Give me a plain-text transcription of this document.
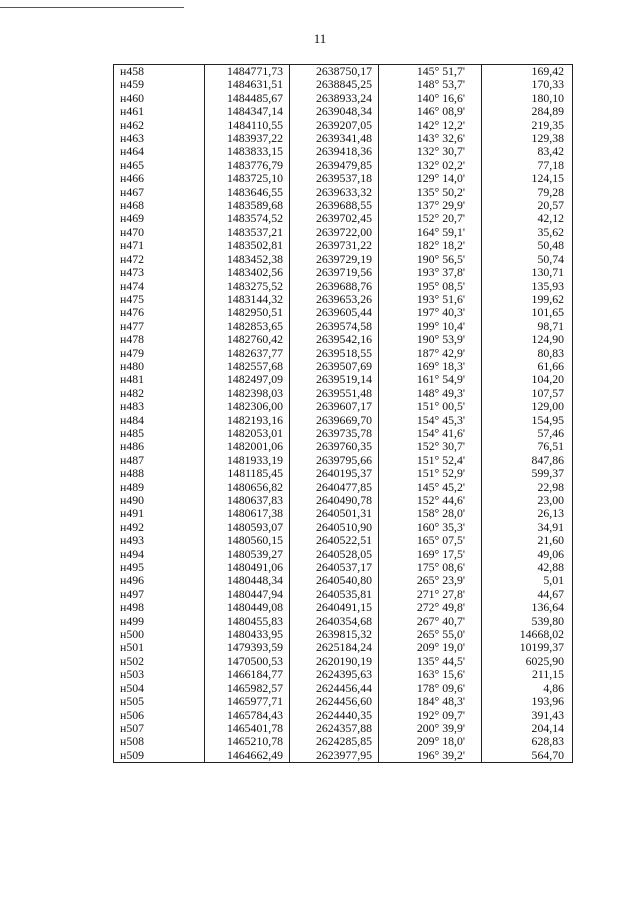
11
н458	1484771,73	2638750,17	145° 51,7'	169,42
н459	1484631,51	2638845,25	148° 53,7'	170,33
н460	1484485,67	2638933,24	140° 16,6'	180,10
н461	1484347,14	2639048,34	146° 08,9'	284,89
н462	1484110,55	2639207,05	142° 12,2'	219,35
н463	1483937,22	2639341,48	143° 32,6'	129,38
н464	1483833,15	2639418,36	132° 30,7'	83,42
н465	1483776,79	2639479,85	132° 02,2'	77,18
н466	1483725,10	2639537,18	129° 14,0'	124,15
н467	1483646,55	2639633,32	135° 50,2'	79,28
н468	1483589,68	2639688,55	137° 29,9'	20,57
н469	1483574,52	2639702,45	152° 20,7'	42,12
н470	1483537,21	2639722,00	164° 59,1'	35,62
н471	1483502,81	2639731,22	182° 18,2'	50,48
н472	1483452,38	2639729,19	190° 56,5'	50,74
н473	1483402,56	2639719,56	193° 37,8'	130,71
н474	1483275,52	2639688,76	195° 08,5'	135,93
н475	1483144,32	2639653,26	193° 51,6'	199,62
н476	1482950,51	2639605,44	197° 40,3'	101,65
н477	1482853,65	2639574,58	199° 10,4'	98,71
н478	1482760,42	2639542,16	190° 53,9'	124,90
н479	1482637,77	2639518,55	187° 42,9'	80,83
н480	1482557,68	2639507,69	169° 18,3'	61,66
н481	1482497,09	2639519,14	161° 54,9'	104,20
н482	1482398,03	2639551,48	148° 49,3'	107,57
н483	1482306,00	2639607,17	151° 00,5'	129,00
н484	1482193,16	2639669,70	154° 45,3'	154,95
н485	1482053,01	2639735,78	154° 41,6'	57,46
н486	1482001,06	2639760,35	152° 30,7'	76,51
н487	1481933,19	2639795,66	151° 52,4'	847,86
н488	1481185,45	2640195,37	151° 52,9'	599,37
н489	1480656,82	2640477,85	145° 45,2'	22,98
н490	1480637,83	2640490,78	152° 44,6'	23,00
н491	1480617,38	2640501,31	158° 28,0'	26,13
н492	1480593,07	2640510,90	160° 35,3'	34,91
н493	1480560,15	2640522,51	165° 07,5'	21,60
н494	1480539,27	2640528,05	169° 17,5'	49,06
н495	1480491,06	2640537,17	175° 08,6'	42,88
н496	1480448,34	2640540,80	265° 23,9'	5,01
н497	1480447,94	2640535,81	271° 27,8'	44,67
н498	1480449,08	2640491,15	272° 49,8'	136,64
н499	1480455,83	2640354,68	267° 40,7'	539,80
н500	1480433,95	2639815,32	265° 55,0'	14668,02
н501	1479393,59	2625184,24	209° 19,0'	10199,37
н502	1470500,53	2620190,19	135° 44,5'	6025,90
н503	1466184,77	2624395,63	163° 15,6'	211,15
н504	1465982,57	2624456,44	178° 09,6'	4,86
н505	1465977,71	2624456,60	184° 48,3'	193,96
н506	1465784,43	2624440,35	192° 09,7'	391,43
н507	1465401,78	2624357,88	200° 39,9'	204,14
н508	1465210,78	2624285,85	209° 18,0'	628,83
н509	1464662,49	2623977,95	196° 39,2'	564,70
